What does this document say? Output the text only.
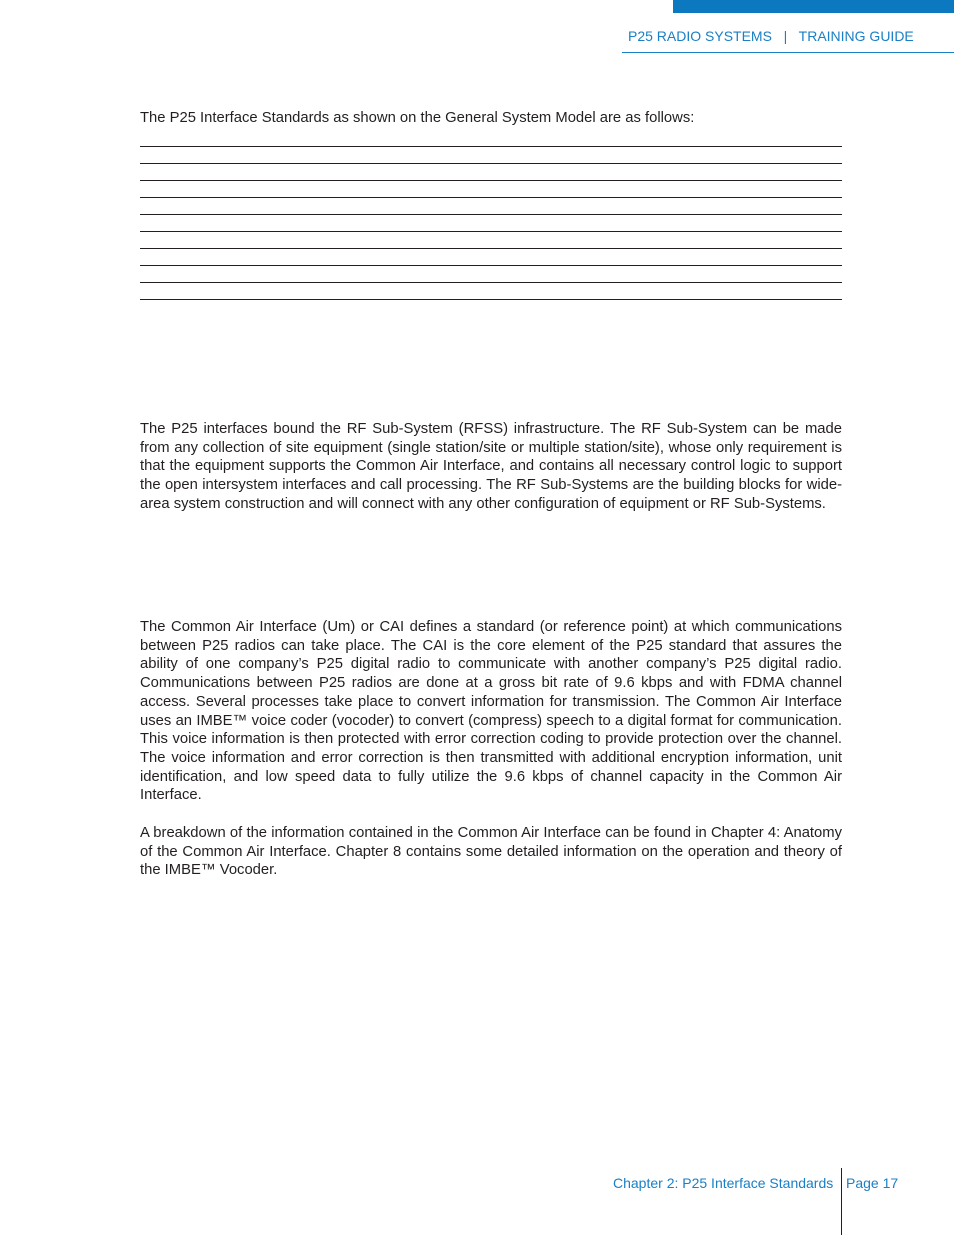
P25 RADIO SYSTEMS   |   TRAINING GUIDE
The P25 Interface Standards as shown on the General System Model are as follows:
The P25 interfaces bound the RF Sub-System (RFSS) infrastructure. The RF Sub-System can be made from any collection of site equipment (single station/site or multiple station/site), whose only requirement is that the equipment supports the Common Air Interface, and contains all necessary control logic to support the open intersystem interfaces and call processing. The RF Sub-Systems are the building blocks for wide-area system construction and will connect with any other configuration of equipment or RF Sub-Systems.
The Common Air Interface (Um) or CAI defines a standard (or reference point) at which communications between P25 radios can take place. The CAI is the core element of the P25 standard that assures the ability of one company’s P25 digital radio to communicate with another company’s P25 digital radio. Communications between P25 radios are done at a gross bit rate of 9.6 kbps and with FDMA channel access. Several processes take place to convert information for transmission. The Common Air Interface uses an IMBE™ voice coder (vocoder) to convert (compress) speech to a digital format for communication. This voice information is then protected with error correction coding to provide protection over the channel. The voice information and error correction is then transmitted with additional encryption information, unit identification, and low speed data to fully utilize the 9.6 kbps of channel capacity in the Common Air Interface.
A breakdown of the information contained in the Common Air Interface can be found in Chapter 4: Anatomy of the Common Air Interface. Chapter 8 contains some detailed information on the operation and theory of the IMBE™ Vocoder.
Chapter 2: P25 Interface Standards Page 17
